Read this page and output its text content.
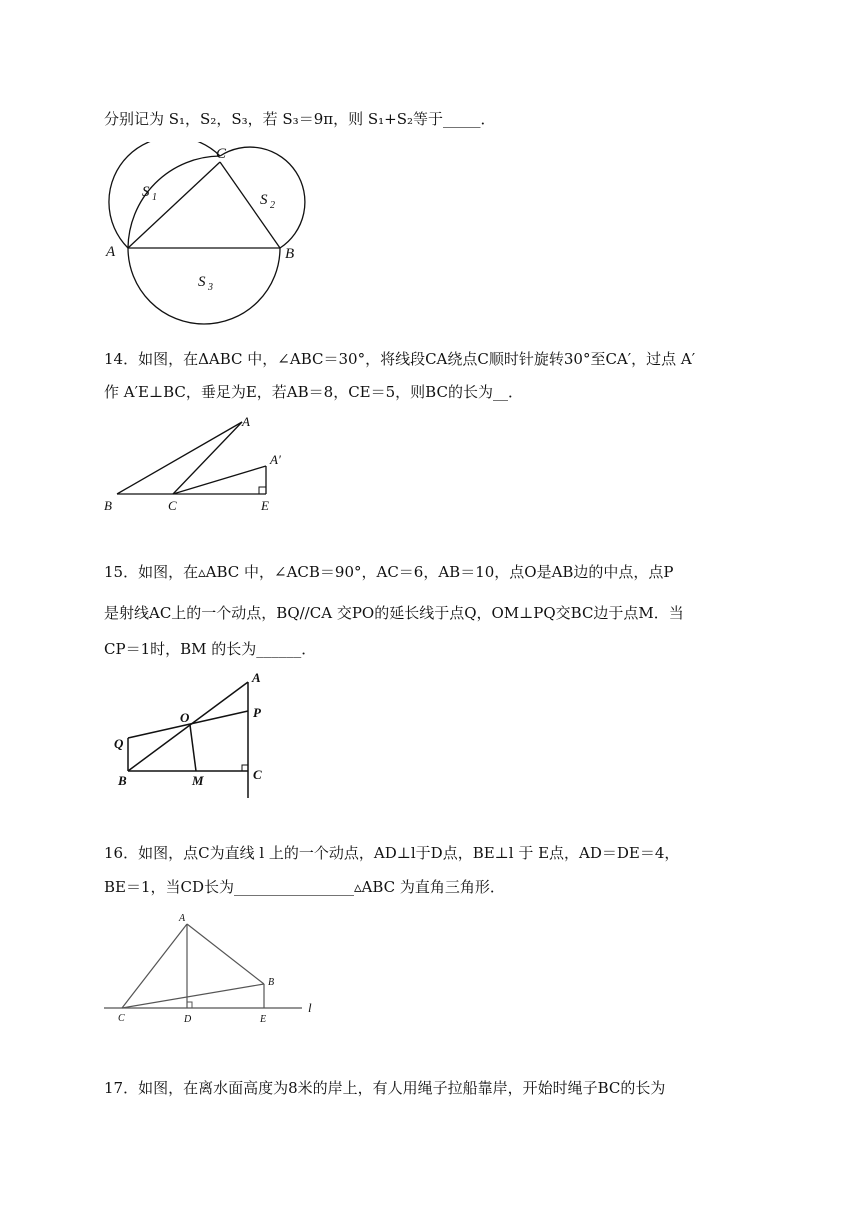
分别记为 S₁，S₂，S₃，若 S₃＝9π，则 S₁+S₂等于_____．
C
A	B
S 1	S 2
S 3
14．如图，在ΔABC 中，∠ABC＝30°，将线段CA绕点C顺时针旋转30°至CA′，过点 A′
作 A′E⊥BC，垂足为E，若AB＝8，CE＝5，则BC的长为__．
A
A′
B	C	E
15．如图，在▵ABC 中，∠ACB＝90°，AC＝6，AB＝10，点O是AB边的中点，点P
是射线AC上的一个动点，BQ//CA 交PO的延长线于点Q，OM⊥PQ交BC边于点M．当
CP＝1时，BM 的长为______．
A
P
O
Q
B	M	C
16．如图，点C为直线 l 上的一个动点，AD⊥l于D点，BE⊥l 于 E点，AD＝DE＝4，
BE＝1，当CD长为________________▵ABC 为直角三角形．
A
B
C	D	E
l
17．如图，在离水面高度为8米的岸上，有人用绳子拉船靠岸，开始时绳子BC的长为
